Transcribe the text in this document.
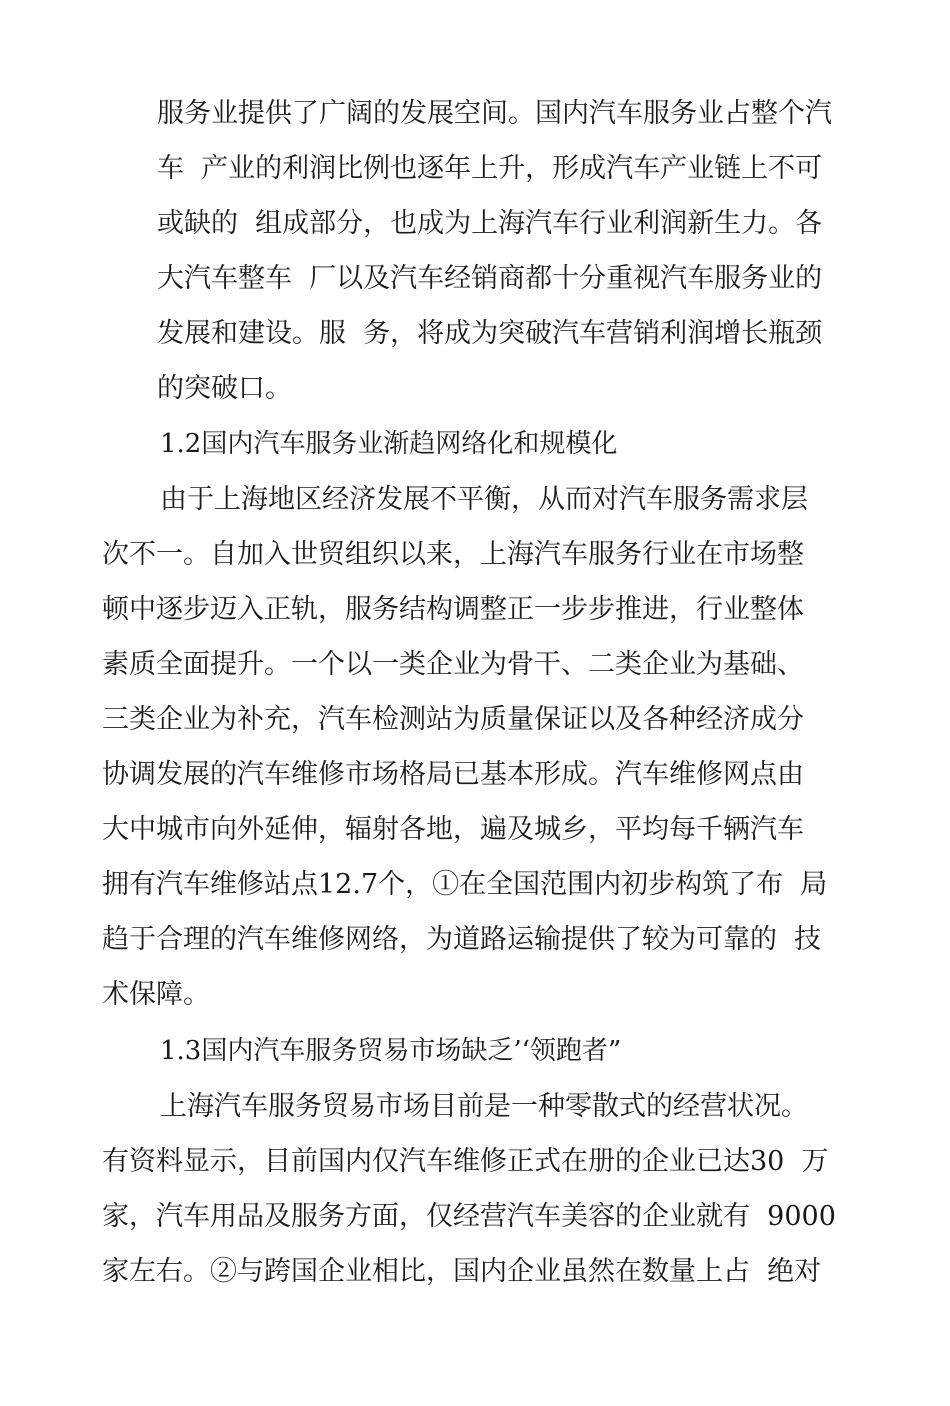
服务业提供了广阔的发展空间。国内汽车服务业占整个汽

车  产业的利润比例也逐年上升，形成汽车产业链上不可

或缺的  组成部分，也成为上海汽车行业利润新生力。各

大汽车整车  厂以及汽车经销商都十分重视汽车服务业的

发展和建设。服  务，将成为突破汽车营销利润增长瓶颈

的突破口。

1.2国内汽车服务业渐趋网络化和规模化

由于上海地区经济发展不平衡，从而对汽车服务需求层

次不一。自加入世贸组织以来，上海汽车服务行业在市场整

顿中逐步迈入正轨，服务结构调整正一步步推进，行业整体

素质全面提升。一个以一类企业为骨干、二类企业为基础、

三类企业为补充，汽车检测站为质量保证以及各种经济成分

协调发展的汽车维修市场格局已基本形成。汽车维修网点由

大中城市向外延伸，辐射各地，遍及城乡，平均每千辆汽车

拥有汽车维修站点12.7个，①在全国范围内初步构筑了布  局

趋于合理的汽车维修网络，为道路运输提供了较为可靠的  技

术保障。

1.3国内汽车服务贸易市场缺乏’‘领跑者”

上海汽车服务贸易市场目前是一种零散式的经营状况。

有资料显示，目前国内仅汽车维修正式在册的企业已达30  万

家，汽车用品及服务方面，仅经营汽车美容的企业就有  9000

家左右。②与跨国企业相比，国内企业虽然在数量上占  绝对
